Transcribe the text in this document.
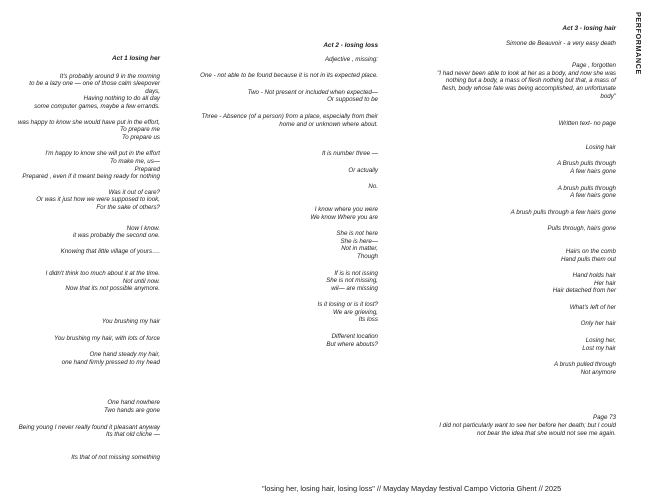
PERFORMANCE
Act 1 losing her
It's probably around 9 in the morning
to be a lazy one — one of those calm sleepover days,
Having nothing to do all day
some computer games, maybe a few errands.
was happy to know she would have put in the effort,
To prepare me
To prepare us
I'm happy to know she will put in the effort
To make me, us—
Prepared
Prepared , even if it meant being ready for nothing
Was it out of care?
Or was it just how we were supposed to look,
For the sake of others?
Now I know.
it was probably the second one.
Knowing that little village of yours….
I didn't think too much about it at the time.
Not until now.
Now that its not possible anymore.
You brushing my hair
You brushing my hair, with lots of force
One hand steady my hair,
one hand firmly pressed to my head
One hand nowhere
Two hands are gone
Being young I never really found it pleasant anyway
Its that old cliche —
Its that of not missing something
Act 2 - losing loss
Adjective , missing:
One - not able to be found because it is not in its expected place.
Two - Not present or included when expected—
Or supposed to be
Three - Absence (of a person) from a place, especially from their
home and or unknown where about.
It is number three —
Or actually
No.
I know where you were
We know Where you are
She is not here
She is here—
Not in matter,
Though
If is is not issing
She is not missing,
wil— are missing
Is it losing or is it lost?
We are grieving,
Its loss
Different location
But where abouts?
Act 3 - losing hair
Simone de Beauvoir - a very easy death
Page , forgotten
"I had never been able to look at her as a body, and now she was
nothing but a body, a mass of flesh nothing but that, a mass of
flesh, body whose fate was being accomplished, an unfortunate
body"
Written text- no page
Losing hair
A Brush pulls through
A few hairs gone
A brush pulls through
A few hairs gone
A brush pulls through a few hairs gone
Pulls through, hairs gone
Hairs on the comb
Hand pulls them out
Hand holds hair
Her hair
Hair detached from her
What's left of her
Only her hair
Losing her,
Lost my hair
A brush pulled through
Not anymore
Page 73
I did not particularly want to see her before her death; but I could
not bear the idea that she would not see me again.
"losing her, losing hair, losing loss" // Mayday Mayday festival Campo Victoria Ghent // 2025
